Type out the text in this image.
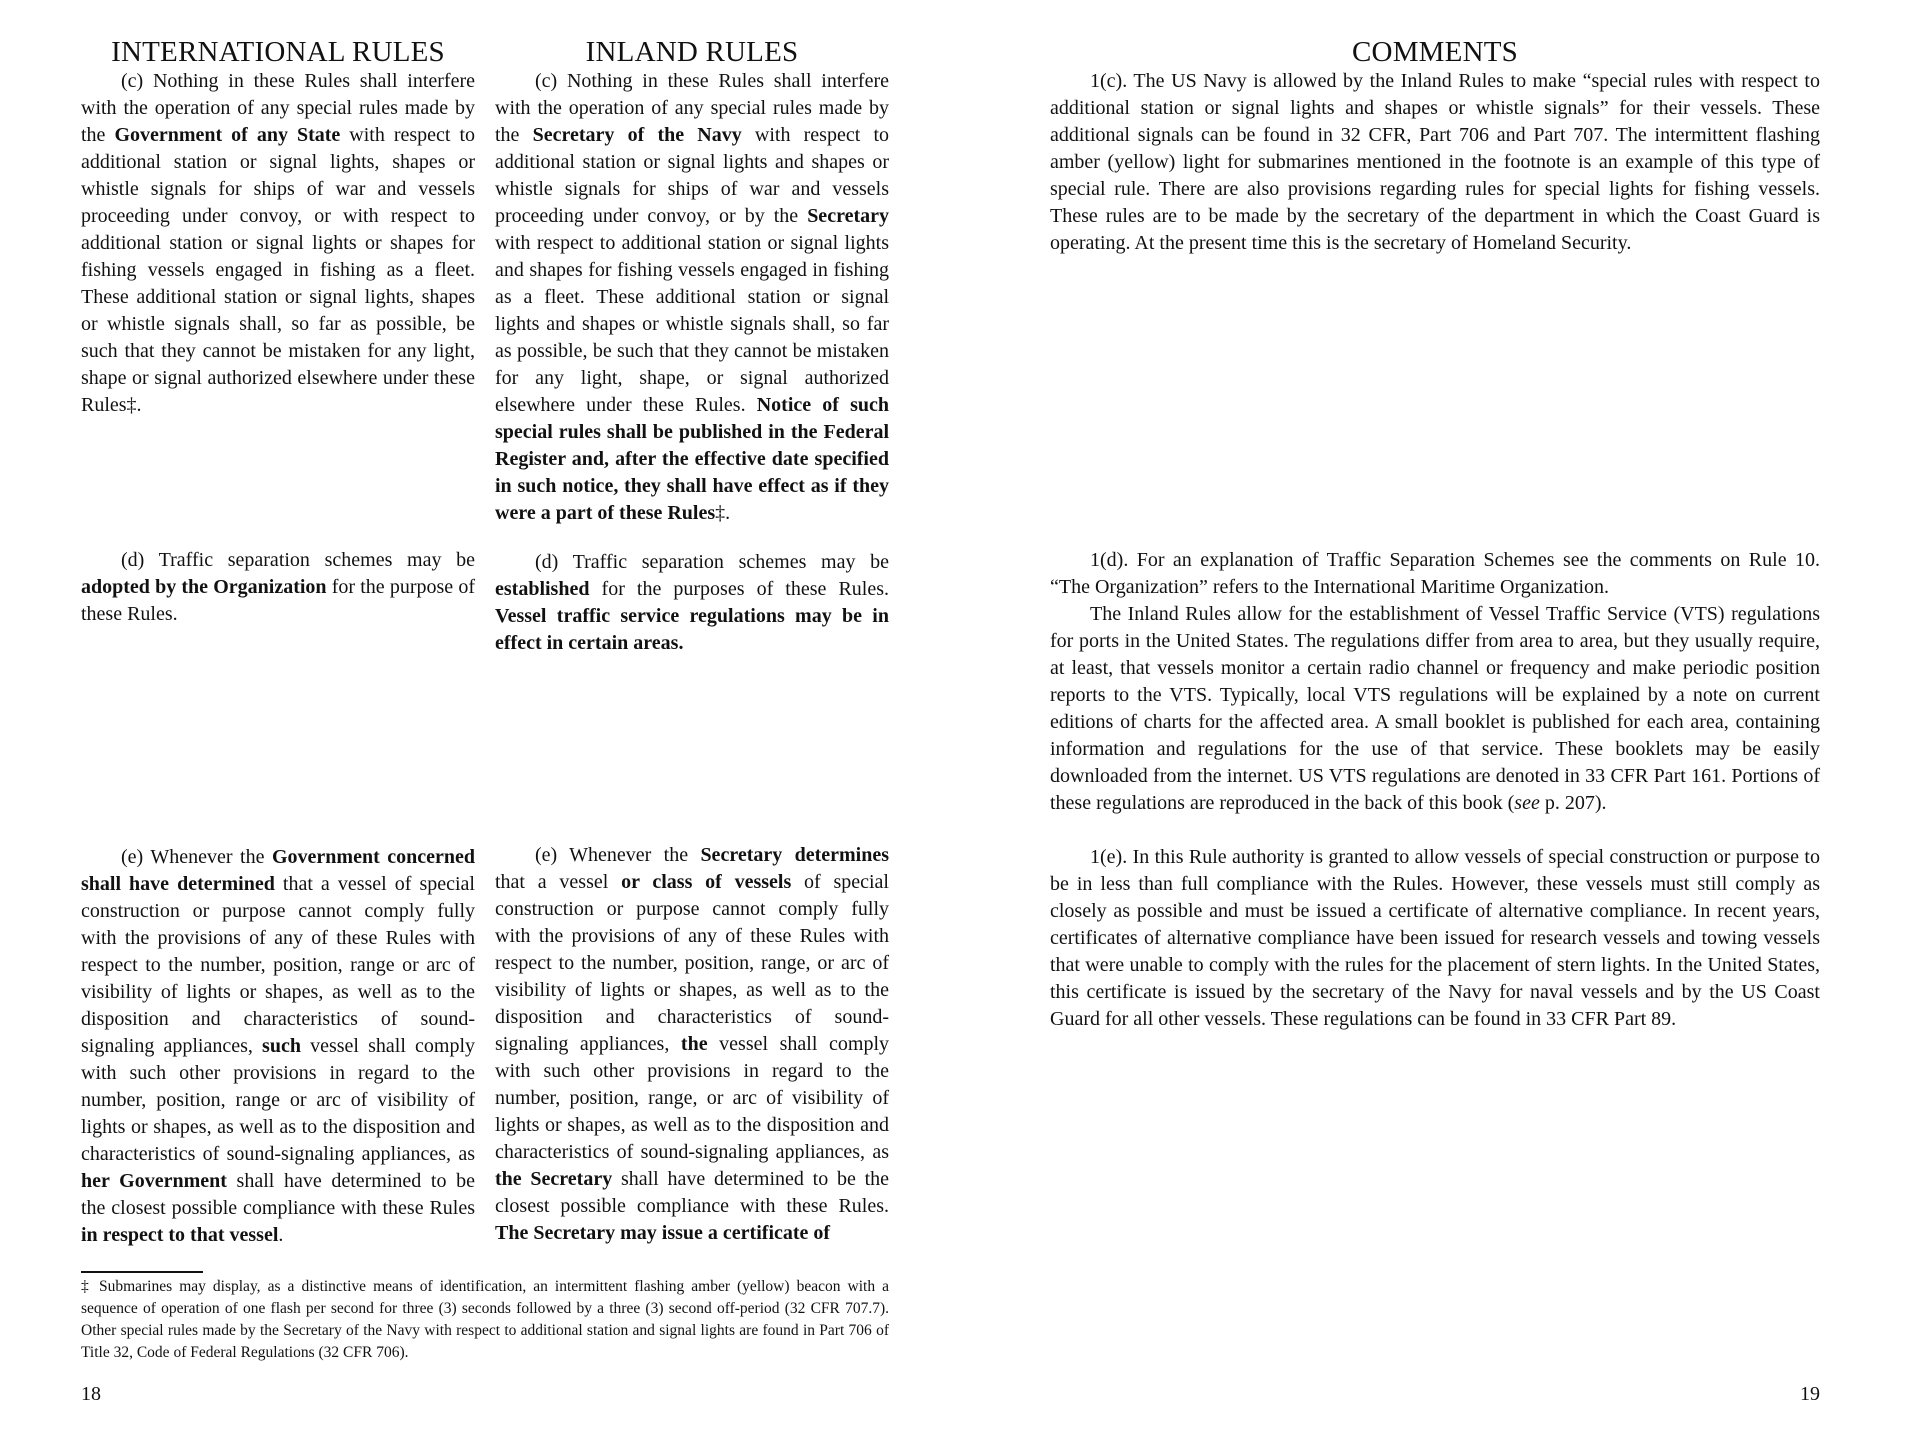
INTERNATIONAL RULES	INLAND RULES

(c) Nothing in these Rules shall interfere with the operation of any special rules made by the Government of any State with respect to additional station or signal lights, shapes or whistle signals for ships of war and vessels proceeding under convoy, or with respect to additional station or signal lights or shapes for fishing vessels engaged in fishing as a fleet. These additional station or signal lights, shapes or whistle signals shall, so far as possible, be such that they cannot be mistaken for any light, shape or signal authorized elsewhere under these Rules‡.

(c) Nothing in these Rules shall interfere with the operation of any special rules made by the Secretary of the Navy with respect to additional station or signal lights and shapes or whistle signals for ships of war and vessels proceeding under convoy, or by the Secretary with respect to additional station or signal lights and shapes for fishing vessels engaged in fishing as a fleet. These additional station or signal lights and shapes or whistle signals shall, so far as possible, be such that they cannot be mistaken for any light, shape, or signal authorized elsewhere under these Rules. Notice of such special rules shall be published in the Federal Register and, after the effective date specified in such notice, they shall have effect as if they were a part of these Rules‡.

(d) Traffic separation schemes may be adopted by the Organization for the purpose of these Rules.

(d) Traffic separation schemes may be established for the purposes of these Rules. Vessel traffic service regulations may be in effect in certain areas.

(e) Whenever the Government concerned shall have determined that a vessel of special construction or purpose cannot comply fully with the provisions of any of these Rules with respect to the number, position, range or arc of visibility of lights or shapes, as well as to the disposition and characteristics of sound-signaling appliances, such vessel shall comply with such other provisions in regard to the number, position, range or arc of visibility of lights or shapes, as well as to the disposition and characteristics of sound-signaling appliances, as her Government shall have determined to be the closest possible compliance with these Rules in respect to that vessel.

(e) Whenever the Secretary determines that a vessel or class of vessels of special construction or purpose cannot comply fully with the provisions of any of these Rules with respect to the number, position, range, or arc of visibility of lights or shapes, as well as to the disposition and characteristics of sound-signaling appliances, the vessel shall comply with such other provisions in regard to the number, position, range, or arc of visibility of lights or shapes, as well as to the disposition and characteristics of sound-signaling appliances, as the Secretary shall have determined to be the closest possible compliance with these Rules. The Secretary may issue a certificate of

‡ Submarines may display, as a distinctive means of identification, an intermittent flashing amber (yellow) beacon with a sequence of operation of one flash per second for three (3) seconds followed by a three (3) second off-period (32 CFR 707.7). Other special rules made by the Secretary of the Navy with respect to additional station and signal lights are found in Part 706 of Title 32, Code of Federal Regulations (32 CFR 706).
18
COMMENTS

1(c). The US Navy is allowed by the Inland Rules to make “special rules with respect to additional station or signal lights and shapes or whistle signals” for their vessels. These additional signals can be found in 32 CFR, Part 706 and Part 707. The intermittent flashing amber (yellow) light for submarines mentioned in the footnote is an example of this type of special rule. There are also provisions regarding rules for special lights for fishing vessels. These rules are to be made by the secretary of the department in which the Coast Guard is operating. At the present time this is the secretary of Homeland Security.

1(d). For an explanation of Traffic Separation Schemes see the comments on Rule 10. “The Organization” refers to the International Maritime Organization.

The Inland Rules allow for the establishment of Vessel Traffic Service (VTS) regulations for ports in the United States. The regulations differ from area to area, but they usually require, at least, that vessels monitor a certain radio channel or frequency and make periodic position reports to the VTS. Typically, local VTS regulations will be explained by a note on current editions of charts for the affected area. A small booklet is published for each area, containing information and regulations for the use of that service. These booklets may be easily downloaded from the internet. US VTS regulations are denoted in 33 CFR Part 161. Portions of these regulations are reproduced in the back of this book (see p. 207).

1(e). In this Rule authority is granted to allow vessels of special construction or purpose to be in less than full compliance with the Rules. However, these vessels must still comply as closely as possible and must be issued a certificate of alternative compliance. In recent years, certificates of alternative compliance have been issued for research vessels and towing vessels that were unable to comply with the rules for the placement of stern lights. In the United States, this certificate is issued by the secretary of the Navy for naval vessels and by the US Coast Guard for all other vessels. These regulations can be found in 33 CFR Part 89.

19
